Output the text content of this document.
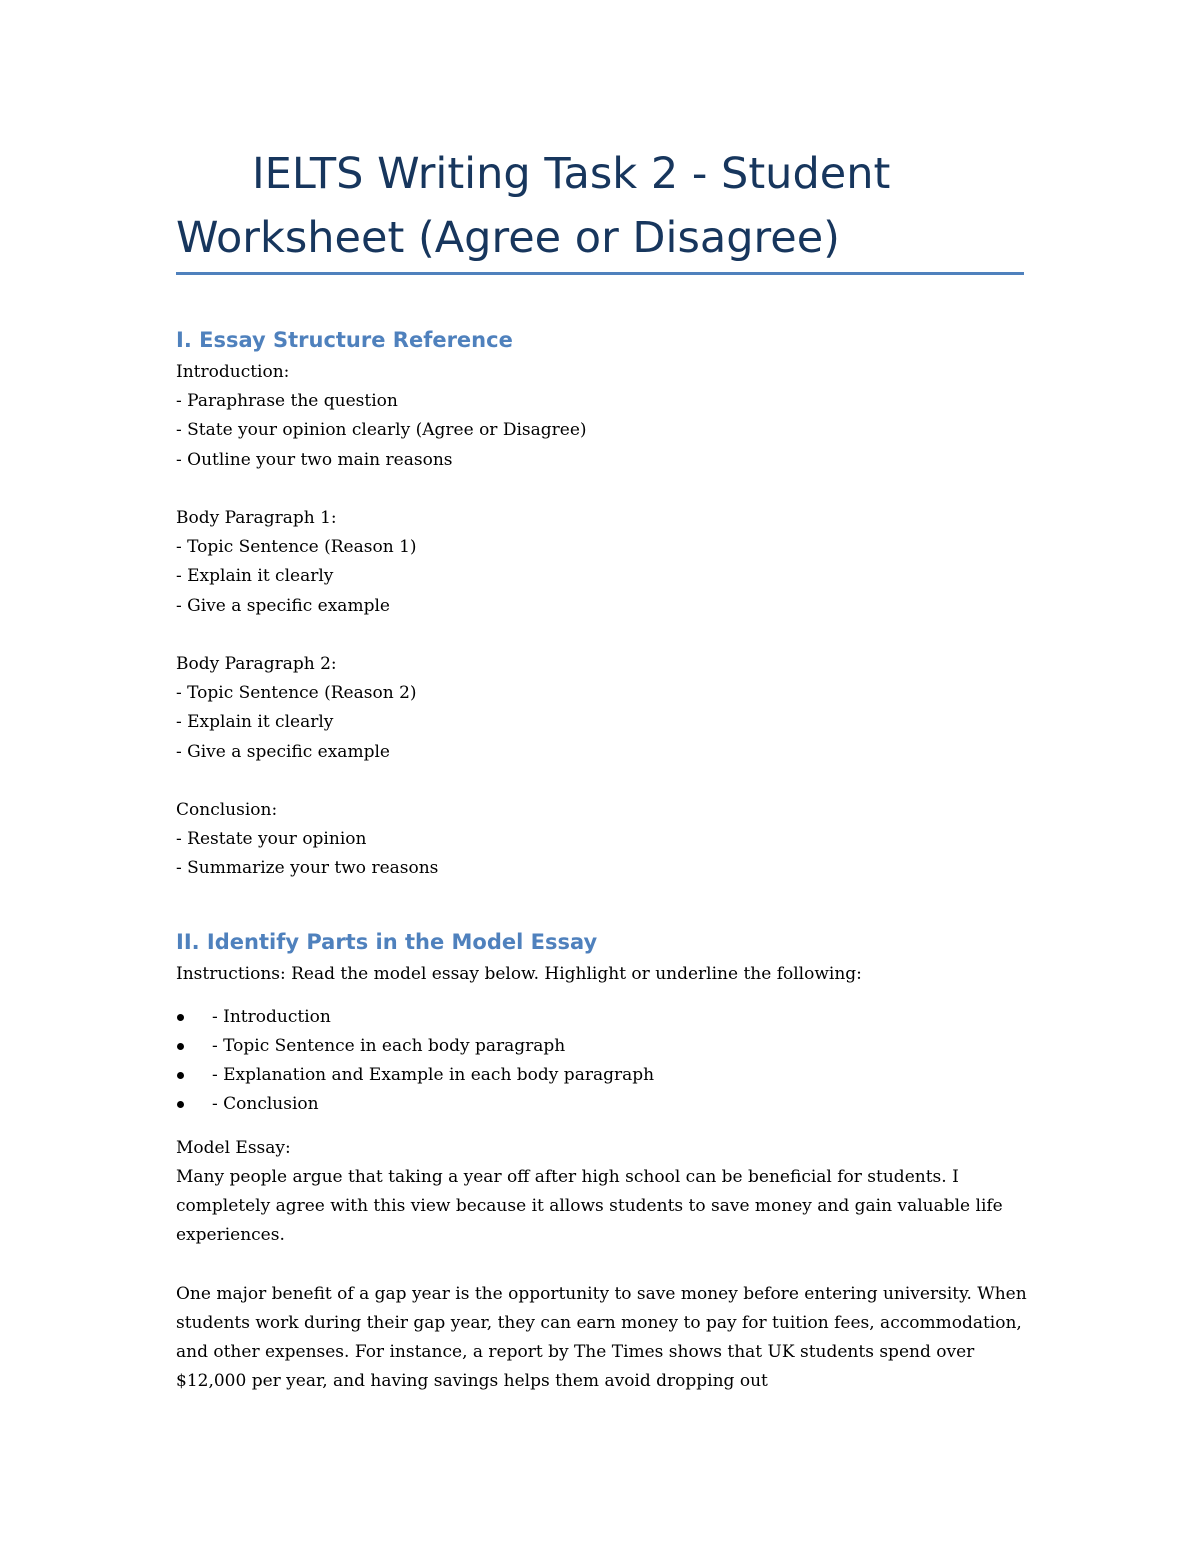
IELTS Writing Task 2 - Student
Worksheet (Agree or Disagree)
I. Essay Structure Reference

Introduction:

- Paraphrase the question

- State your opinion clearly (Agree or Disagree)

- Outline your two main reasons

Body Paragraph 1:

- Topic Sentence (Reason 1)

- Explain it clearly

- Give a specific example

Body Paragraph 2:

- Topic Sentence (Reason 2)

- Explain it clearly

- Give a specific example

Conclusion:

- Restate your opinion

- Summarize your two reasons

II. Identify Parts in the Model Essay

Instructions: Read the model essay below. Highlight or underline the following:

- Introduction
- Topic Sentence in each body paragraph
- Explanation and Example in each body paragraph
- Conclusion

Model Essay:

Many people argue that taking a year off after high school can be beneficial for students. I completely agree with this view because it allows students to save money and gain valuable life experiences.

One major benefit of a gap year is the opportunity to save money before entering university. When students work during their gap year, they can earn money to pay for tuition fees, accommodation, and other expenses. For instance, a report by The Times shows that UK students spend over $12,000 per year, and having savings helps them avoid dropping out
